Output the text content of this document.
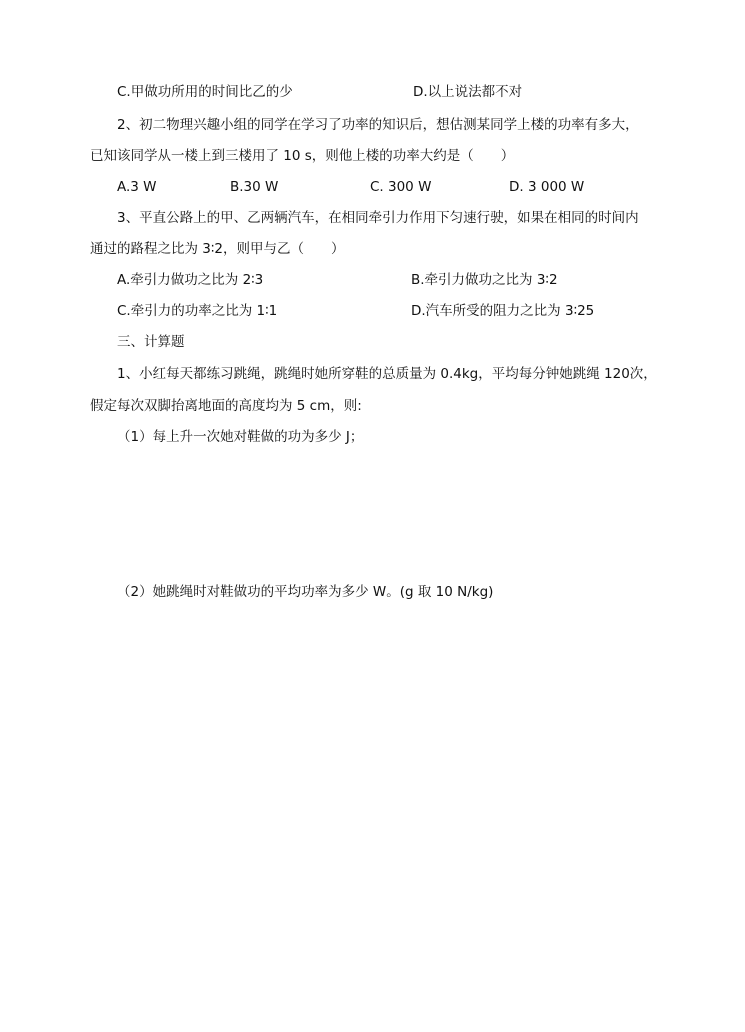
C.甲做功所用的时间比乙的少	D.以上说法都不对
2、初二物理兴趣小组的同学在学习了功率的知识后，想估测某同学上楼的功率有多大，
已知该同学从一楼上到三楼用了 10 s，则他上楼的功率大约是（　　）
A.3 W	B.30 W	C. 300 W	D. 3 000 W
3、平直公路上的甲、乙两辆汽车，在相同牵引力作用下匀速行驶，如果在相同的时间内
通过的路程之比为 3∶2，则甲与乙（　　）
A.牵引力做功之比为 2∶3	B.牵引力做功之比为 3∶2
C.牵引力的功率之比为 1∶1	D.汽车所受的阻力之比为 3∶25
三、计算题
1、小红每天都练习跳绳，跳绳时她所穿鞋的总质量为 0.4kg，平均每分钟她跳绳 120次，
假定每次双脚抬离地面的高度均为 5 cm，则:
（1）每上升一次她对鞋做的功为多少 J；
（2）她跳绳时对鞋做功的平均功率为多少 W。(g 取 10 N/kg)
